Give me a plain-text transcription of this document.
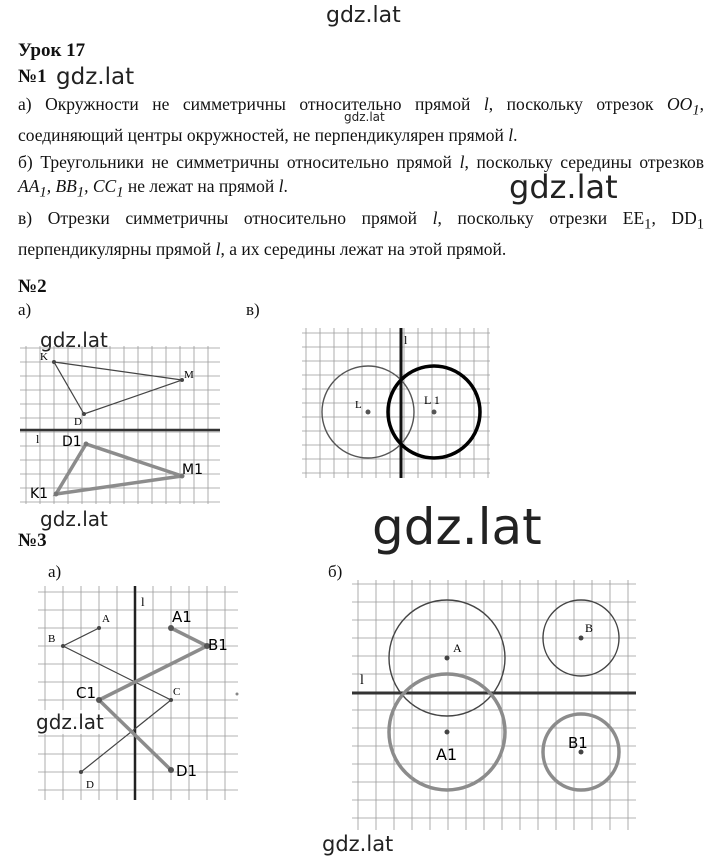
gdz.lat
gdz.lat
gdz.lat
gdz.lat
Урок 17
№1
а) Окружности не симметричны относительно прямой l, поскольку отрезок $OO_1$, соединяющий центры окружностей, не перпендикулярен прямой l.
б) Треугольники не симметричны относительно прямой l, поскольку середины отрезков $AA_1$, $BB_1$, $CC_1$ не лежат на прямой l.
в) Отрезки симметричны относительно прямой l, поскольку отрезки $EE_1$, $DD_1$ перпендикулярны прямой l, а их середины лежат на этой прямой.
№2
а)	в)
gdz.lat
K
M
D
l D1
M1
K1
l
L	L 1
gdz.lat
gdz.lat
№3
а)	б)
l
A
B
C
D
A1
B1
C1
D1
gdz.lat
l
A
B
A1
B1
gdz.lat
